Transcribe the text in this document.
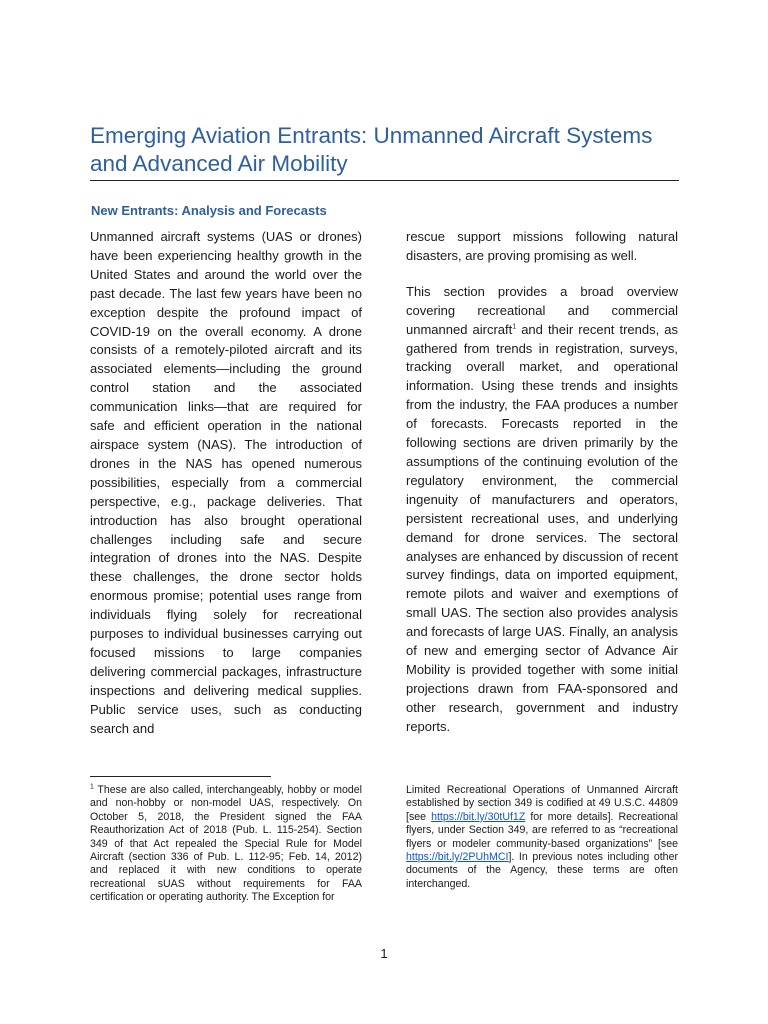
Emerging Aviation Entrants: Unmanned Aircraft Systems and Advanced Air Mobility
New Entrants: Analysis and Forecasts

Unmanned aircraft systems (UAS or drones) have been experiencing healthy growth in the United States and around the world over the past decade. The last few years have been no exception despite the profound impact of COVID-19 on the overall economy. A drone consists of a remotely-piloted aircraft and its associated elements—including the ground control station and the associated communication links—that are required for safe and efficient operation in the national airspace system (NAS). The introduction of drones in the NAS has opened numerous possibilities, especially from a commercial perspective, e.g., package deliveries. That introduction has also brought operational challenges including safe and secure integration of drones into the NAS. Despite these challenges, the drone sector holds enormous promise; potential uses range from individuals flying solely for recreational purposes to individual businesses carrying out focused missions to large companies delivering commercial packages, infrastructure inspections and delivering medical supplies. Public service uses, such as conducting search and

rescue support missions following natural disasters, are proving promising as well.

This section provides a broad overview covering recreational and commercial unmanned aircraft$^1$ and their recent trends, as gathered from trends in registration, surveys, tracking overall market, and operational information. Using these trends and insights from the industry, the FAA produces a number of forecasts. Forecasts reported in the following sections are driven primarily by the assumptions of the continuing evolution of the regulatory environment, the commercial ingenuity of manufacturers and operators, persistent recreational uses, and underlying demand for drone services. The sectoral analyses are enhanced by discussion of recent survey findings, data on imported equipment, remote pilots and waiver and exemptions of small UAS. The section also provides analysis and forecasts of large UAS. Finally, an analysis of new and emerging sector of Advance Air Mobility is provided together with some initial projections drawn from FAA-sponsored and other research, government and industry reports.

$^1$ These are also called, interchangeably, hobby or model and non-hobby or non-model UAS, respectively. On October 5, 2018, the President signed the FAA Reauthorization Act of 2018 (Pub. L. 115-254). Section 349 of that Act repealed the Special Rule for Model Aircraft (section 336 of Pub. L. 112-95; Feb. 14, 2012) and replaced it with new conditions to operate recreational sUAS without requirements for FAA certification or operating authority. The Exception for

Limited Recreational Operations of Unmanned Aircraft established by section 349 is codified at 49 U.S.C. 44809 [see https://bit.ly/30tUf1Z for more details]. Recreational flyers, under Section 349, are referred to as “recreational flyers or modeler community-based organizations” [see https://bit.ly/2PUhMCI]. In previous notes including other documents of the Agency, these terms are often interchanged.

1
